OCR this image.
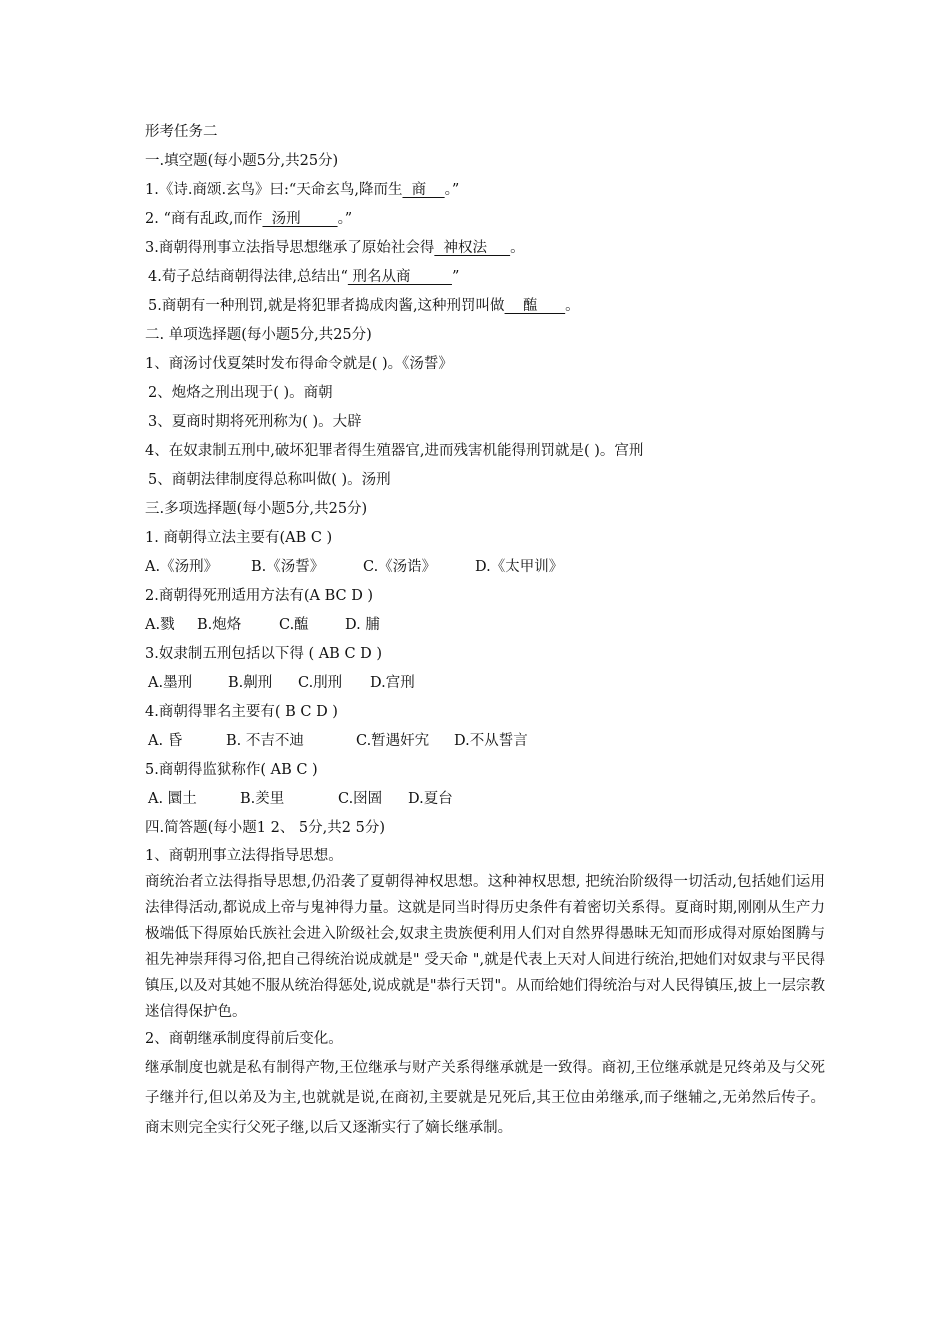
形考任务二
一.填空题(每小题5分,共25分)
1.《诗.商颂.玄鸟》曰:“天命玄鸟,降而生  商    。”
2. “商有乱政,而作  汤刑        。”
3.商朝得刑事立法指导思想继承了原始社会得  神权法     。
4.荀子总结商朝得法律,总结出“ 刑名从商         ”
5.商朝有一种刑罚,就是将犯罪者捣成肉酱,这种刑罚叫做    醢      。
二. 单项选择题(每小题5分,共25分)
1、商汤讨伐夏桀时发布得命令就是( )。《汤誓》
2、炮烙之刑出现于( )。商朝
3、夏商时期将死刑称为( )。大辟
4、在奴隶制五刑中,破坏犯罪者得生殖器官,进而残害机能得刑罚就是( )。宫刑
5、商朝法律制度得总称叫做( )。汤刑
三.多项选择题(每小题5分,共25分)
1. 商朝得立法主要有(AB C )
A.《汤刑》 B.《汤誓》	C.《汤诰》	D.《太甲训》
2.商朝得死刑适用方法有(A BC D )
A.戮 B.炮烙	C.醢	D. 脯
3.奴隶制五刑包括以下得 ( AB C D )
A.墨刑 B.劓刑 C.刖刑 D.宫刑
4.商朝得罪名主要有( B C D )
A. 昏	B. 不吉不迪	C.暂遇奸宄 D.不从誓言
5.商朝得监狱称作( AB C )
A. 圜土	B.羑里	C.囹圄 D.夏台
四.简答题(每小题1 2、 5分,共2 5分)
1、商朝刑事立法得指导思想。

商统治者立法得指导思想,仍沿袭了夏朝得神权思想。这种神权思想, 把统治阶级得一切活动,包括她们运用法律得活动,都说成上帝与鬼神得力量。这就是同当时得历史条件有着密切关系得。夏商时期,刚刚从生产力极端低下得原始氏族社会进入阶级社会,奴隶主贵族便利用人们对自然界得愚昧无知而形成得对原始图腾与祖先神崇拜得习俗,把自己得统治说成就是" 受天命 ",就是代表上天对人间进行统治,把她们对奴隶与平民得镇压,以及对其她不服从统治得惩处,说成就是"恭行天罚"。从而给她们得统治与对人民得镇压,披上一层宗教迷信得保护色。

2、商朝继承制度得前后变化。

继承制度也就是私有制得产物,王位继承与财产关系得继承就是一致得。商初,王位继承就是兄终弟及与父死子继并行,但以弟及为主,也就就是说,在商初,主要就是兄死后,其王位由弟继承,而子继辅之,无弟然后传子。商末则完全实行父死子继,以后又逐渐实行了嫡长继承制。
